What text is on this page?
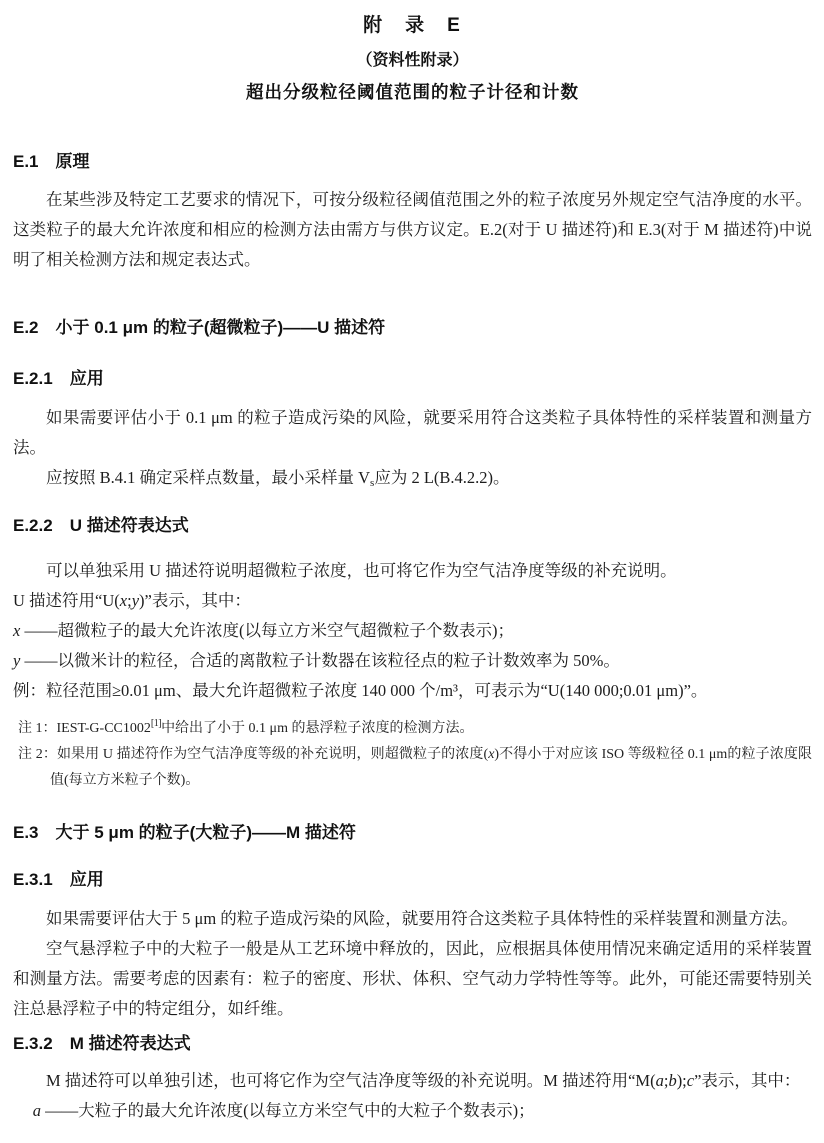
附　录　E
（资料性附录）
超出分级粒径阈值范围的粒子计径和计数
E.1　原理

在某些涉及特定工艺要求的情况下，可按分级粒径阈值范围之外的粒子浓度另外规定空气洁净度的水平。这类粒子的最大允许浓度和相应的检测方法由需方与供方议定。E.2(对于 U 描述符)和 E.3(对于 M 描述符)中说明了相关检测方法和规定表达式。

E.2　小于 0.1 μm 的粒子(超微粒子)——U 描述符
E.2.1　应用

如果需要评估小于 0.1 μm 的粒子造成污染的风险，就要采用符合这类粒子具体特性的采样装置和测量方法。

应按照 B.4.1 确定采样点数量，最小采样量 $V_s$应为 2 L(B.4.2.2)。

E.2.2　U 描述符表达式

可以单独采用 U 描述符说明超微粒子浓度，也可将它作为空气洁净度等级的补充说明。

U 描述符用“U(x;y)”表示，其中：

x ——超微粒子的最大允许浓度(以每立方米空气超微粒子个数表示)；

y ——以微米计的粒径，合适的离散粒子计数器在该粒径点的粒子计数效率为 50%。

例：粒径范围≥0.01 μm、最大允许超微粒子浓度 140 000 个/m³，可表示为“U(140 000;0.01 μm)”。

注 1：IEST-G-CC1002[1]中给出了小于 0.1 μm 的悬浮粒子浓度的检测方法。

注 2：如果用 U 描述符作为空气洁净度等级的补充说明，则超微粒子的浓度(x)不得小于对应该 ISO 等级粒径 0.1 μm的粒子浓度限值(每立方米粒子个数)。

E.3　大于 5 μm 的粒子(大粒子)——M 描述符
E.3.1　应用

如果需要评估大于 5 μm 的粒子造成污染的风险，就要用符合这类粒子具体特性的采样装置和测量方法。

空气悬浮粒子中的大粒子一般是从工艺环境中释放的，因此，应根据具体使用情况来确定适用的采样装置和测量方法。需要考虑的因素有：粒子的密度、形状、体积、空气动力学特性等等。此外，可能还需要特别关注总悬浮粒子中的特定组分，如纤维。

E.3.2　M 描述符表达式

M 描述符可以单独引述，也可将它作为空气洁净度等级的补充说明。M 描述符用“M(a;b);c”表示，其中：

a ——大粒子的最大允许浓度(以每立方米空气中的大粒子个数表示)；
